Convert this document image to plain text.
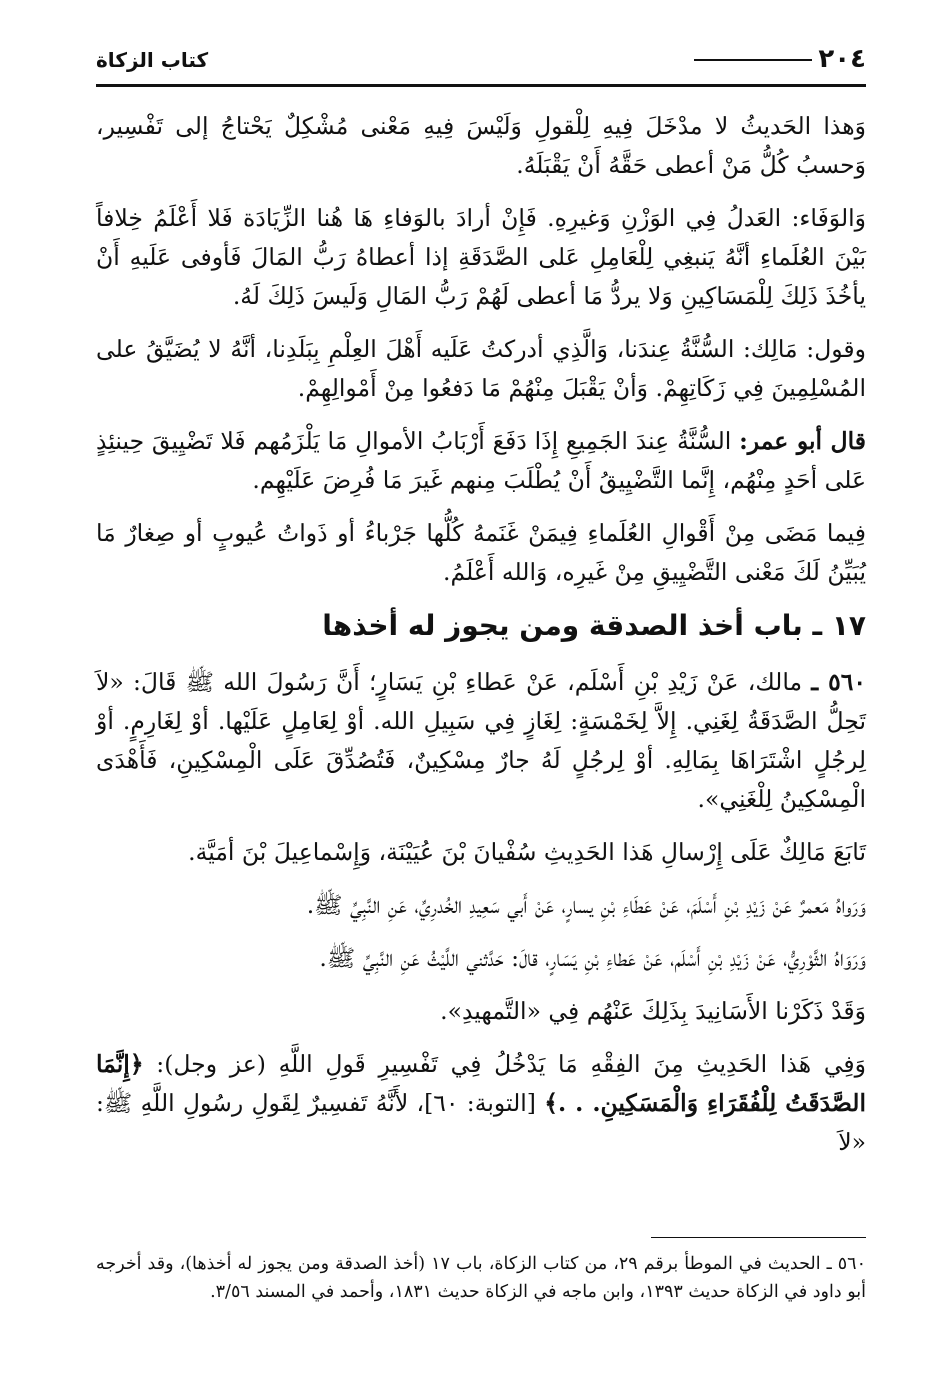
٢٠٤
كتاب الزكاة

وَهذا الحَديثُ لا مدْخَلَ فِيهِ لِلْقولِ وَلَيْسَ فِيهِ مَعْنى مُشْكِلٌ يَحْتاجُ إلى تَفْسِير، وَحسبُ كُلُّ مَنْ أعطى حَقَّهُ أَنْ يَقْبَلَهُ.

وَالوَفَاء: العَدلُ فِي الوَزْنِ وَغيرِهِ. فَإِنْ أرادَ بالوَفاءِ هَا هُنا الزِّيَادَة فَلا أَعْلَمُ خِلافاً بَيْنَ العُلَماءِ أنَّهُ يَنبغِي لِلْعَامِلِ عَلى الصَّدَقَةِ إذا أعطاهُ رَبُّ المَالَ فَأوفى عَلَيهِ أَنْ يأخُذَ ذَلِكَ لِلْمَسَاكِينِ وَلا يردُّ مَا أعطى لَهُمْ رَبُّ المَالِ وَلَيسَ ذَلِكَ لَهُ.

وقول: مَالِك: السُّنَّةُ عِندَنا، وَالَّذِي أدركتُ عَلَيه أَهْلَ العِلْمِ بِبَلَدِنا، أنَّهُ لا يُضَيَّقُ على المُسْلِمِينَ فِي زَكَاتِهِمْ. وَأنْ يَقْبَلَ مِنْهُمْ مَا دَفعُوا مِنْ أَمْوالِهِمْ.

قال أبو عمر: السُّنَّةُ عِندَ الجَمِيعِ إِذَا دَفَعَ أَرْبَابُ الأموالِ مَا يَلْزَمُهم فَلا تَضْيِيقَ حِينئِذٍ عَلى أحَدٍ مِنْهُم، إِنَّما التَّضْيِيقُ أَنْ يُطْلَبَ مِنهم غَيرَ مَا فُرِضَ عَلَيْهِم.

فِيما مَضَى مِنْ أَقْوالِ العُلَماءِ فِيمَنْ غَنَمهُ كُلُّها جَرْباءُ أو ذَواتُ عُيوبٍ أو صِغارٌ مَا يُبَيِّنُ لَكَ مَعْنى التَّضْيِيقِ مِنْ غَيرِه، وَالله أَعْلَمُ.

١٧ ـ باب أخذ الصدقة ومن يجوز له أخذها

٥٦٠ ـ مالك، عَنْ زَيْدِ بْنِ أَسْلَم، عَنْ عَطاءِ بْنِ يَسَارٍ؛ أَنَّ رَسُولَ الله ﷺ قَالَ: «لاَ تَحِلُّ الصَّدَقَةُ لِغَنِي. إِلاَّ لِخَمْسَةٍ: لِغَازٍ فِي سَبِيلِ الله. أوْ لِعَامِلٍ عَلَيْها. أوْ لِغَارِمٍ. أوْ لِرجُلٍ اشْتَرَاهَا بِمَالِهِ. أوْ لِرجُلٍ لَهُ جارٌ مِسْكِينٌ، فَتُصُدِّقَ عَلَى الْمِسْكِينِ، فَأَهْدَى الْمِسْكِينُ لِلْغَنِي».

تَابَعَ مَالِكٌ عَلَى إِرْسالِ هَذا الحَدِيثِ سُفْيانَ بْنَ عُيَيْنَة، وَإِسْماعِيلَ بْنَ أمَيَّة.

وَرَواهُ مَعمرٌ عَنْ زَيْدِ بْنِ أَسْلَمَ، عَنْ عَطَاءِ بْنِ يسارٍ، عَنْ أَبي سَعِيدِ الخُدرِيِّ، عَنِ النَّبِيِّ ﷺ.

وَرَوَاهُ الثَّوْرِيُّ، عَنْ زَيْدِ بْنِ أَسْلَم، عَنْ عَطاءِ بْنِ يَسَارٍ، قالَ: حَدَّثني اللَّيْثُ عَنِ النَّبِيِّ ﷺ.

وَقَدْ ذَكَرْنا الأَسَانِيدَ بِذَلِكَ عَنْهُم فِي «التَّمهيدِ».

وَفِي هَذا الحَدِيثِ مِنَ الفِقْهِ مَا يَدْخُلُ فِي تَفْسِيرِ قَولِ اللَّهِ (عز وجل): ﴿إِنَّمَا الصَّدَقَتُ لِلْفُقَرَاءِ وَالْمَسَكِينِ. . .﴾ [التوبة: ٦٠]، لأَنَّهُ تَفسِيرٌ لِقَولِ رسُولِ اللَّهِ ﷺ: «لاَ

٥٦٠ ـ الحديث في الموطأ برقم ٢٩، من كتاب الزكاة، باب ١٧ (أخذ الصدقة ومن يجوز له أخذها)، وقد أخرجه أبو داود في الزكاة حديث ١٣٩٣، وابن ماجه في الزكاة حديث ١٨٣١، وأحمد في المسند ٣/٥٦.
